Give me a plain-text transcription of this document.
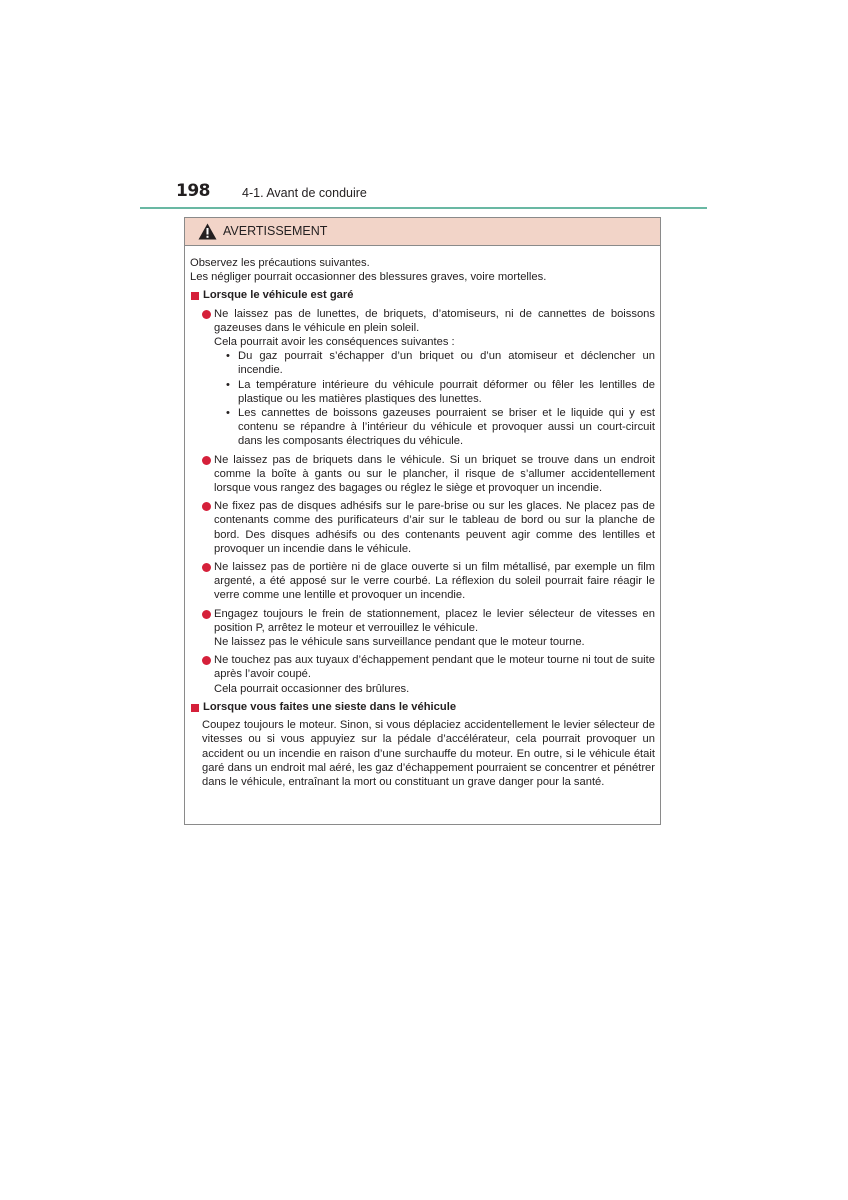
198	4-1. Avant de conduire
AVERTISSEMENT

Observez les précautions suivantes.

Les négliger pourrait occasionner des blessures graves, voire mortelles.

Lorsque le véhicule est garé

Ne laissez pas de lunettes, de briquets, d’atomiseurs, ni de cannettes de boissons gazeuses dans le véhicule en plein soleil.

Cela pourrait avoir les conséquences suivantes :

• Du gaz pourrait s’échapper d’un briquet ou d’un atomiseur et déclencher un incendie.
• La température intérieure du véhicule pourrait déformer ou fêler les lentilles de plastique ou les matières plastiques des lunettes.
• Les cannettes de boissons gazeuses pourraient se briser et le liquide qui y est contenu se répandre à l’intérieur du véhicule et provoquer aussi un court-circuit dans les composants électriques du véhicule.

Ne laissez pas de briquets dans le véhicule. Si un briquet se trouve dans un endroit comme la boîte à gants ou sur le plancher, il risque de s’allumer accidentellement lorsque vous rangez des bagages ou réglez le siège et provoquer un incendie.

Ne fixez pas de disques adhésifs sur le pare-brise ou sur les glaces. Ne placez pas de contenants comme des purificateurs d’air sur le tableau de bord ou sur la planche de bord. Des disques adhésifs ou des contenants peuvent agir comme des lentilles et provoquer un incendie dans le véhicule.

Ne laissez pas de portière ni de glace ouverte si un film métallisé, par exemple un film argenté, a été apposé sur le verre courbé. La réflexion du soleil pourrait faire réagir le verre comme une lentille et provoquer un incendie.

Engagez toujours le frein de stationnement, placez le levier sélecteur de vitesses en position P, arrêtez le moteur et verrouillez le véhicule.

Ne laissez pas le véhicule sans surveillance pendant que le moteur tourne.

Ne touchez pas aux tuyaux d’échappement pendant que le moteur tourne ni tout de suite après l’avoir coupé.

Cela pourrait occasionner des brûlures.

Lorsque vous faites une sieste dans le véhicule

Coupez toujours le moteur. Sinon, si vous déplaciez accidentellement le levier sélecteur de vitesses ou si vous appuyiez sur la pédale d’accélérateur, cela pourrait provoquer un accident ou un incendie en raison d’une surchauffe du moteur. En outre, si le véhicule était garé dans un endroit mal aéré, les gaz d’échappement pourraient se concentrer et pénétrer dans le véhicule, entraînant la mort ou constituant un grave danger pour la santé.
